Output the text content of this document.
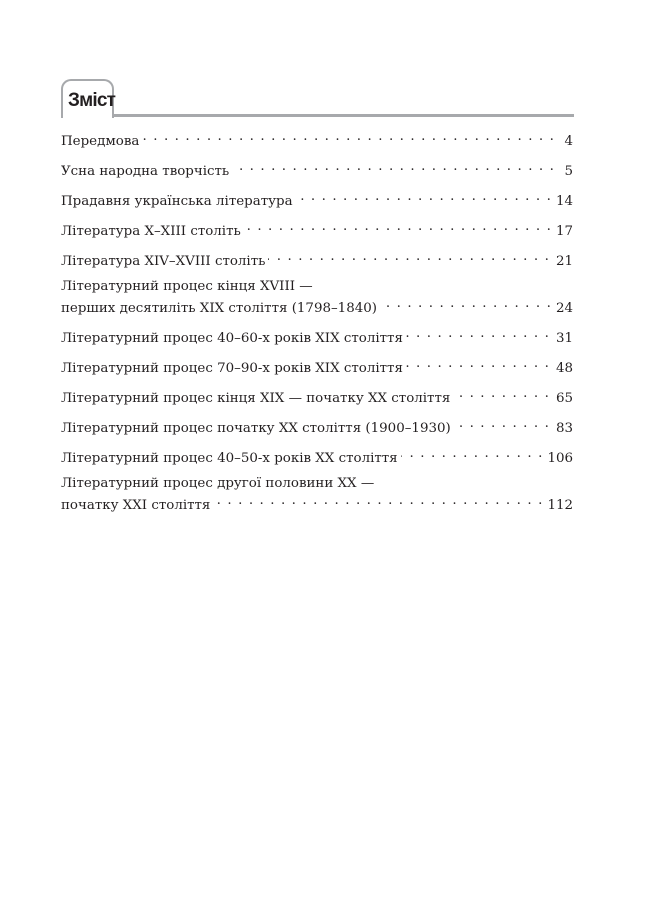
Зміст
Передмова . . .	4
Усна народна творчість . . .	5
Прадавня українська література . . .	14
Література X–XIII століть . . .	17
Література XIV–XVIII століть . . .	21
Літературний процес кінця XVIII —
перших десятиліть XIX століття (1798–1840) . . .	24
Літературний процес 40–60-х років XIX століття . . .	31
Літературний процес 70–90-х років XIX століття . . .	48
Літературний процес кінця XIX — початку XX століття . . .	65
Літературний процес початку XX століття (1900–1930) . . .	83
Літературний процес 40–50-х років XX століття . . .	106
Літературний процес другої половини XX —
початку XXI століття . . .	112
